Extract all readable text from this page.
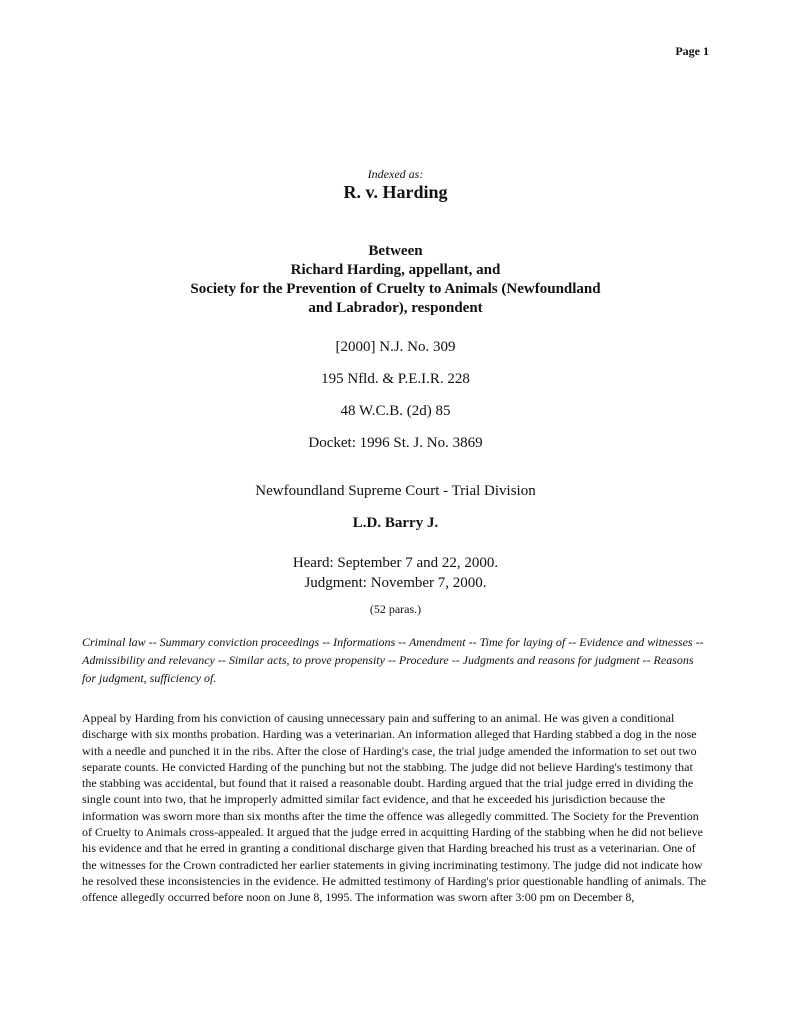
Page 1
Indexed as:
R. v. Harding
Between
Richard Harding, appellant, and
Society for the Prevention of Cruelty to Animals (Newfoundland
and Labrador), respondent
[2000] N.J. No. 309
195 Nfld. & P.E.I.R. 228
48 W.C.B. (2d) 85
Docket: 1996 St. J. No. 3869
Newfoundland Supreme Court - Trial Division
L.D. Barry J.
Heard: September 7 and 22, 2000.
Judgment: November 7, 2000.
(52 paras.)
Criminal law -- Summary conviction proceedings -- Informations -- Amendment -- Time for laying of -- Evidence and witnesses -- Admissibility and relevancy -- Similar acts, to prove propensity -- Procedure -- Judgments and reasons for judgment -- Reasons for judgment, sufficiency of.
Appeal by Harding from his conviction of causing unnecessary pain and suffering to an animal. He was given a conditional discharge with six months probation. Harding was a veterinarian. An information alleged that Harding stabbed a dog in the nose with a needle and punched it in the ribs. After the close of Harding's case, the trial judge amended the information to set out two separate counts. He convicted Harding of the punching but not the stabbing. The judge did not believe Harding's testimony that the stabbing was accidental, but found that it raised a reasonable doubt. Harding argued that the trial judge erred in dividing the single count into two, that he improperly admitted similar fact evidence, and that he exceeded his jurisdiction because the information was sworn more than six months after the time the offence was allegedly committed. The Society for the Prevention of Cruelty to Animals cross-appealed. It argued that the judge erred in acquitting Harding of the stabbing when he did not believe his evidence and that he erred in granting a conditional discharge given that Harding breached his trust as a veterinarian. One of the witnesses for the Crown contradicted her earlier statements in giving incriminating testimony. The judge did not indicate how he resolved these inconsistencies in the evidence. He admitted testimony of Harding's prior questionable handling of animals. The offence allegedly occurred before noon on June 8, 1995. The information was sworn after 3:00 pm on December 8,
